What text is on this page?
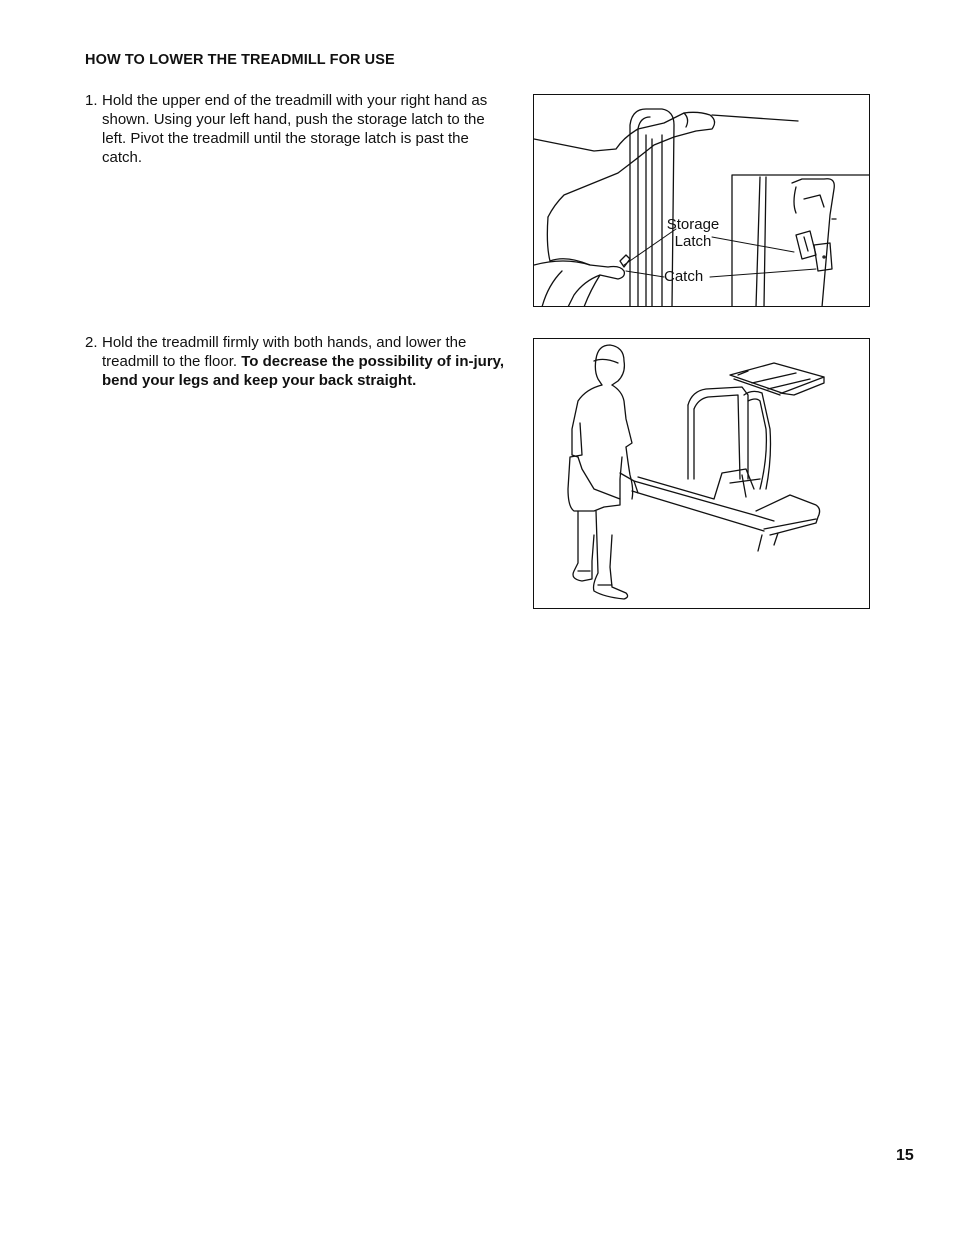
HOW TO LOWER THE TREADMILL FOR USE
1. Hold the upper end of the treadmill with your right hand as shown. Using your left hand, push the storage latch to the left. Pivot the treadmill until the storage latch is past the catch.
Storage
Latch
Catch
2. Hold the treadmill firmly with both hands, and lower the treadmill to the floor. To decrease the possibility of in-jury, bend your legs and keep your back straight.
15
